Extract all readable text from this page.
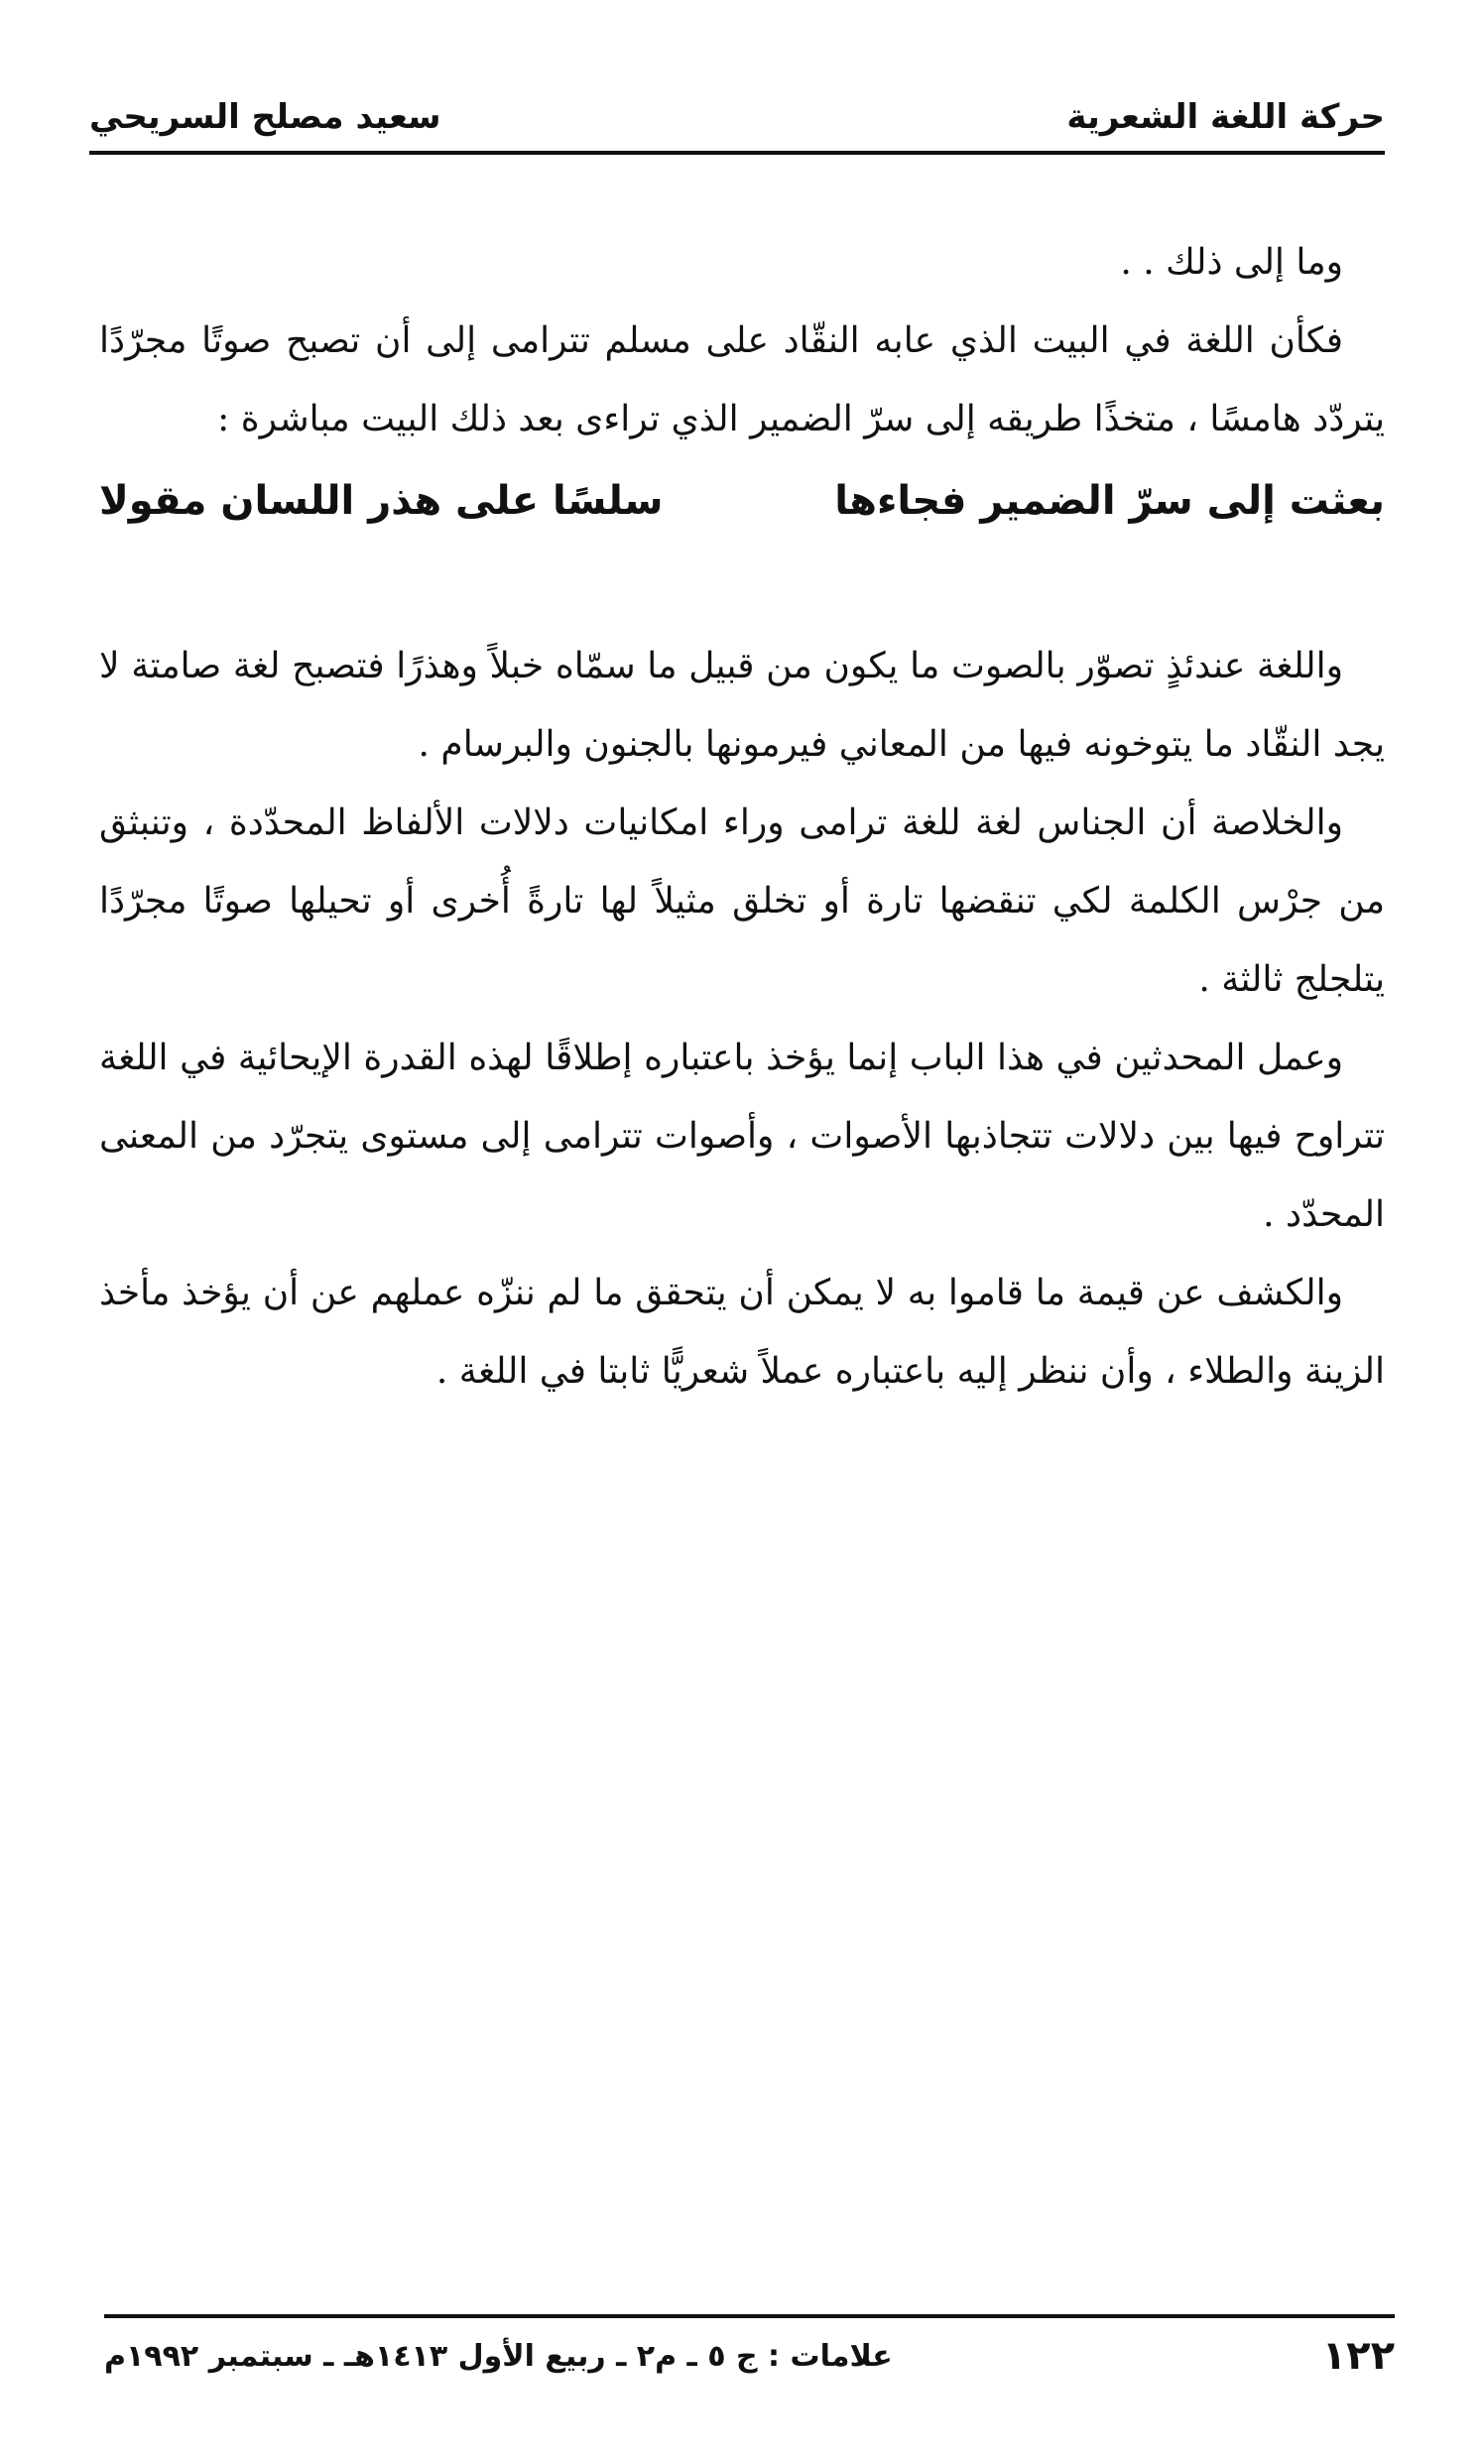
حركة اللغة الشعرية
سعيد مصلح السريحي

وما إلى ذلك . .

فكأن اللغة في البيت الذي عابه النقّاد على مسلم تترامى إلى أن تصبح صوتًا مجرّدًا يتردّد هامسًا ، متخذًا طريقه إلى سرّ الضمير الذي تراءى بعد ذلك البيت مباشرة :

بعثت إلى سرّ الضمير فجاءها
سلسًا على هذر اللسان مقولا

واللغة عندئذٍ تصوّر بالصوت ما يكون من قبيل ما سمّاه خبلاً وهذرًا فتصبح لغة صامتة لا يجد النقّاد ما يتوخونه فيها من المعاني فيرمونها بالجنون والبرسام .

والخلاصة أن الجناس لغة للغة ترامى وراء امكانيات دلالات الألفاظ المحدّدة ، وتنبثق من جرْس الكلمة لكي تنقضها تارة أو تخلق مثيلاً لها تارةً أُخرى أو تحيلها صوتًا مجرّدًا يتلجلج ثالثة .

وعمل المحدثين في هذا الباب إنما يؤخذ باعتباره إطلاقًا لهذه القدرة الإيحائية في اللغة تتراوح فيها بين دلالات تتجاذبها الأصوات ، وأصوات تترامى إلى مستوى يتجرّد من المعنى المحدّد .

والكشف عن قيمة ما قاموا به لا يمكن أن يتحقق ما لم ننزّه عملهم عن أن يؤخذ مأخذ الزينة والطلاء ، وأن ننظر إليه باعتباره عملاً شعريًّا ثابتا في اللغة .

١٢٢
علامات : ج ٥ ـ م٢ ـ ربيع الأول ١٤١٣هـ ـ سبتمبر ١٩٩٢م
